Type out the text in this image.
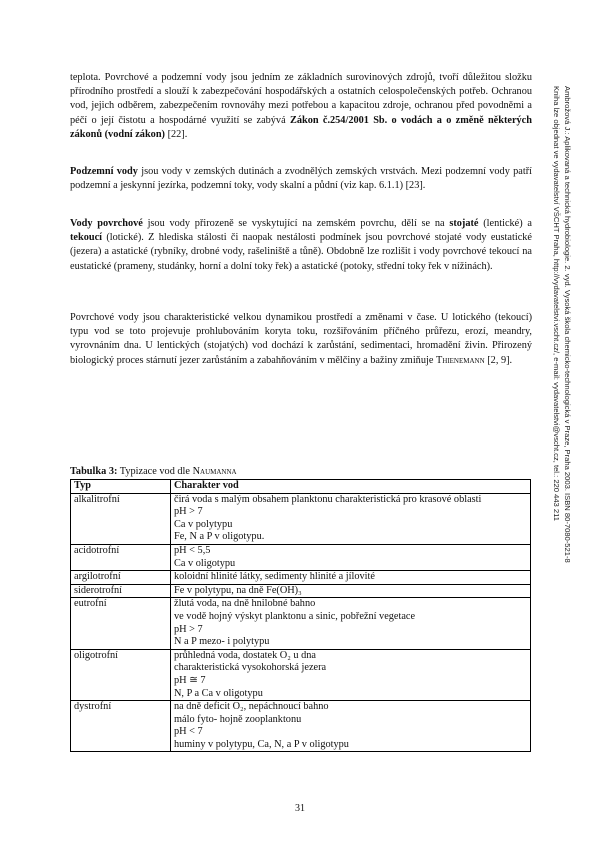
teplota. Povrchové a podzemní vody jsou jedním ze základních surovinových zdrojů, tvoří důležitou složku přírodního prostředí a slouží k zabezpečování hospodářských a ostatních celospolečenských potřeb. Ochranou vod, jejich odběrem, zabezpečením rovnováhy mezi potřebou a kapacitou zdroje, ochranou před povodněmi a péčí o její čistotu a hospodárné využití se zabývá Zákon č.254/2001 Sb. o vodách a o změně některých zákonů (vodní zákon) [22].

Podzemní vody jsou vody v zemských dutinách a zvodnělých zemských vrstvách. Mezi podzemní vody patří podzemní a jeskynní jezírka, podzemní toky, vody skalní a půdní (viz kap. 6.1.1) [23].

Vody povrchové jsou vody přirozeně se vyskytující na zemském povrchu, dělí se na stojaté (lentické) a tekoucí (lotické). Z hlediska stálosti či naopak nestálosti podmínek jsou povrchové stojaté vody eustatické (jezera) a astatické (rybníky, drobné vody, rašeliniště a tůně). Obdobně lze rozlišit i vody povrchové tekoucí na eustatické (prameny, studánky, horní a dolní toky řek) a astatické (potoky, střední toky řek v nížinách).

Povrchové vody jsou charakteristické velkou dynamikou prostředí a změnami v čase. U lotického (tekoucí) typu vod se toto projevuje prohlubováním koryta toku, rozšiřováním příčného průřezu, erozí, meandry, vyrovnáním dna. U lentických (stojatých) vod dochází k zarůstání, sedimentaci, hromadění živin. Přirozený biologický proces stárnutí jezer zarůstáním a zabahňováním v mělčiny a bažiny zmiňuje Thienemann [2, 9].

Tabulka 3: Typizace vod dle Naumanna
Typ	Charakter vod
alkalitrofní	čirá voda s malým obsahem planktonu charakteristická pro krasové oblasti
pH > 7
Ca v polytypu
Fe, N a P v oligotypu.

acidotrofní	pH < 5,5
Ca v oligotypu

argilotrofní	koloidní hlinité látky, sedimenty hlinité a jílovité

siderotrofní	Fe v polytypu, na dně Fe(OH)₃

eutrofní	žlutá voda, na dně hnilobné bahno
ve vodě hojný výskyt planktonu a sinic, pobřežní vegetace
pH > 7
N a P mezo- i polytypu

oligotrofní	průhledná voda, dostatek O₂ u dna
charakteristická vysokohorská jezera
pH ≅ 7
N, P a Ca v oligotypu

dystrofní	na dně deficit O₂, nepáchnoucí bahno
málo fyto- hojně zooplanktonu
pH < 7
huminy v polytypu, Ca, N, a P v oligotypu
Ambrožová J.: Aplikovaná a technická hydrobiologie. 2. vyd. Vysoká škola chemicko-technologická v Praze, Praha 2003. ISBN 80-7080-521-8
Kniha lze objednat ve vydavatelství VŠCHT Praha, http://vydavatelstvi.vscht.cz/, e-mail: vydavatelstvi@vscht.cz, tel.: 220 443 211
31
